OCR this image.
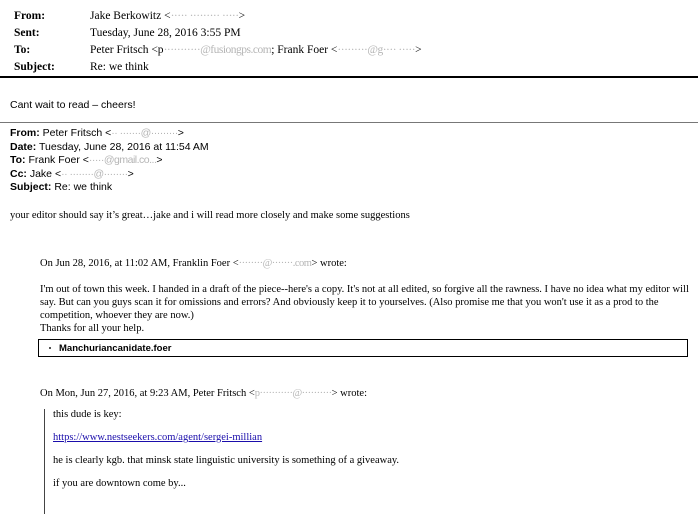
From:	Jake Berkowitz <····· ········· ·····>
Sent:	Tuesday, June 28, 2016 3:55 PM
To:	Peter Fritsch <p···········@fusiongps.com; Frank Foer <·········@g···· ·····>
Subject:	Re: we think
Cant wait to read – cheers!
From: Peter Fritsch <·· ·······@·········>
Date: Tuesday, June 28, 2016 at 11:54 AM
To: Frank Foer <·····@gmail.co...>
Cc: Jake <·· ········@········>
Subject: Re: we think
your editor should say it’s great…jake and i will read more closely and make some suggestions
On Jun 28, 2016, at 11:02 AM, Franklin Foer <········@·······.com> wrote:
I'm out of town this week. I handed in a draft of the piece--here's a copy. It's not at all edited, so forgive all the rawness. I have no idea what my editor will say. But can you guys scan it for omissions and errors? And obviously keep it to yourselves. (Also promise me that you won't use it as a prod to the competition, whoever they are now.)
Thanks for all your help.
Manchuriancanidate.foer
On Mon, Jun 27, 2016, at 9:23 AM, Peter Fritsch <p···········@··········> wrote:
this dude is key:
https://www.nestseekers.com/agent/sergei-millian
he is clearly kgb. that minsk state linguistic university is something of a giveaway.
if you are downtown come by...
